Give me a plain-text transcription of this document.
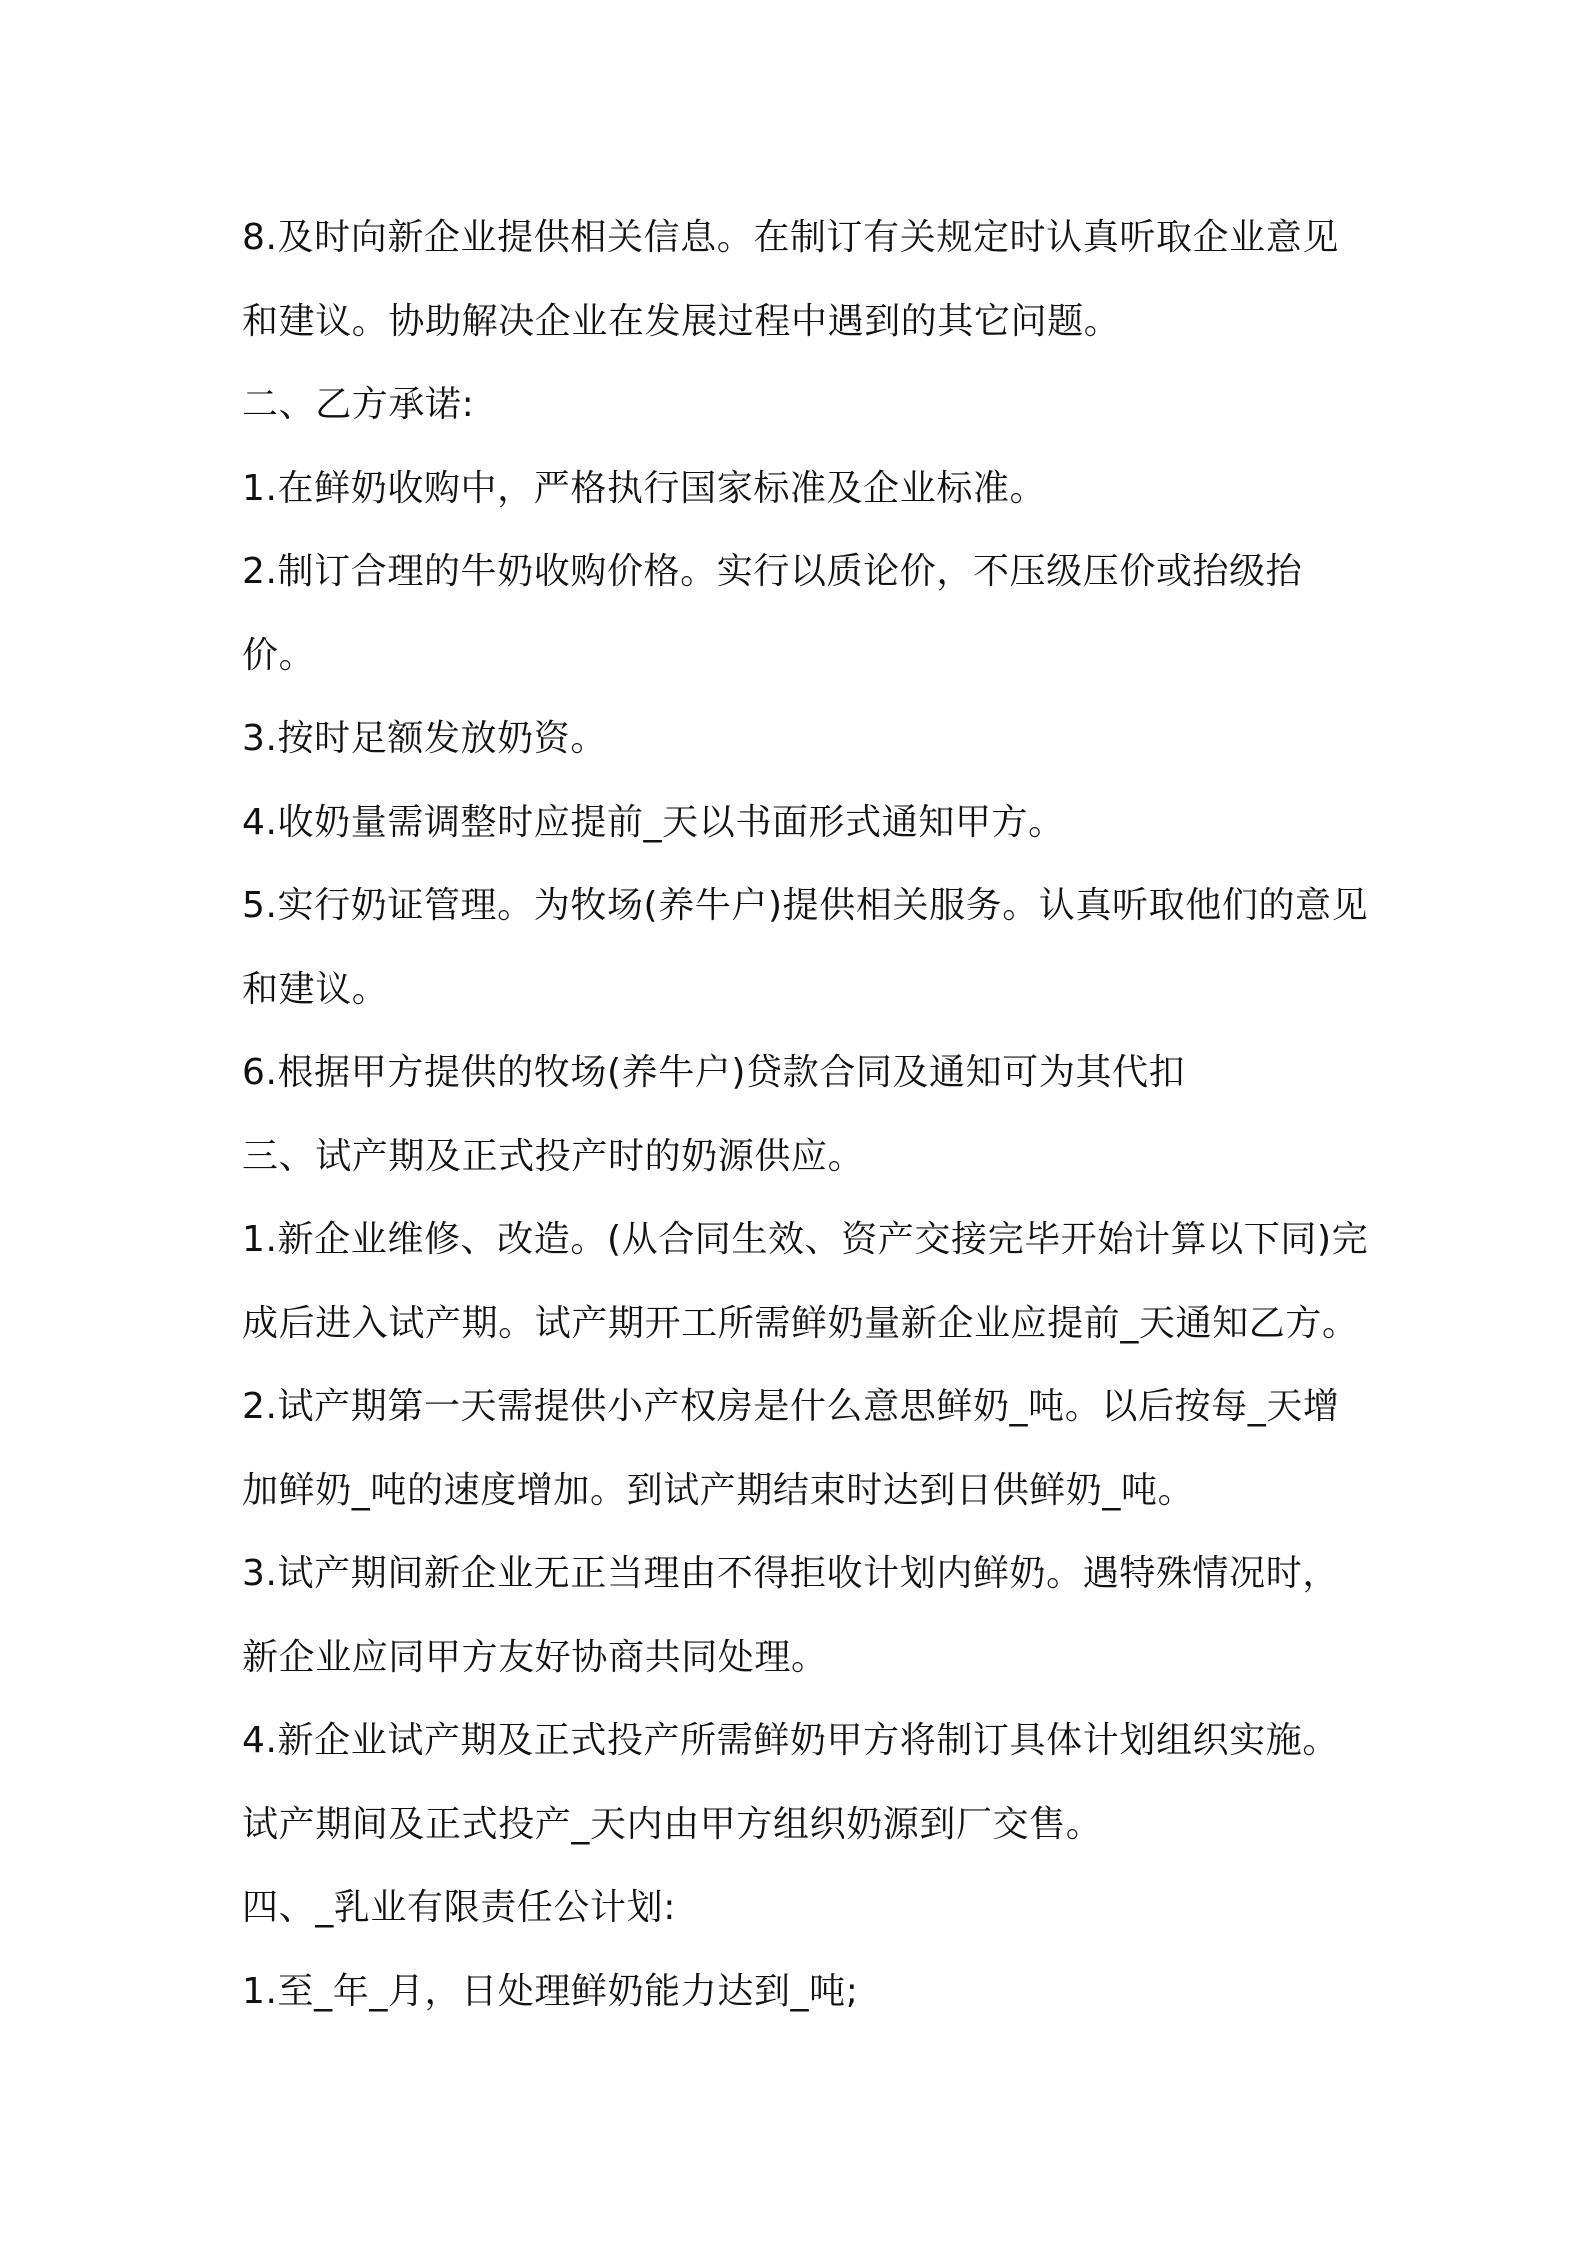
8.及时向新企业提供相关信息。在制订有关规定时认真听取企业意见和建议。协助解决企业在发展过程中遇到的其它问题。

二、乙方承诺:

1.在鲜奶收购中，严格执行国家标准及企业标准。

2.制订合理的牛奶收购价格。实行以质论价，不压级压价或抬级抬价。

3.按时足额发放奶资。

4.收奶量需调整时应提前_天以书面形式通知甲方。

5.实行奶证管理。为牧场(养牛户)提供相关服务。认真听取他们的意见和建议。

6.根据甲方提供的牧场(养牛户)贷款合同及通知可为其代扣

三、试产期及正式投产时的奶源供应。

1.新企业维修、改造。(从合同生效、资产交接完毕开始计算以下同)完成后进入试产期。试产期开工所需鲜奶量新企业应提前_天通知乙方。

2.试产期第一天需提供小产权房是什么意思鲜奶_吨。以后按每_天增加鲜奶_吨的速度增加。到试产期结束时达到日供鲜奶_吨。

3.试产期间新企业无正当理由不得拒收计划内鲜奶。遇特殊情况时，新企业应同甲方友好协商共同处理。

4.新企业试产期及正式投产所需鲜奶甲方将制订具体计划组织实施。试产期间及正式投产_天内由甲方组织奶源到厂交售。

四、_乳业有限责任公计划:

1.至_年_月，日处理鲜奶能力达到_吨;
